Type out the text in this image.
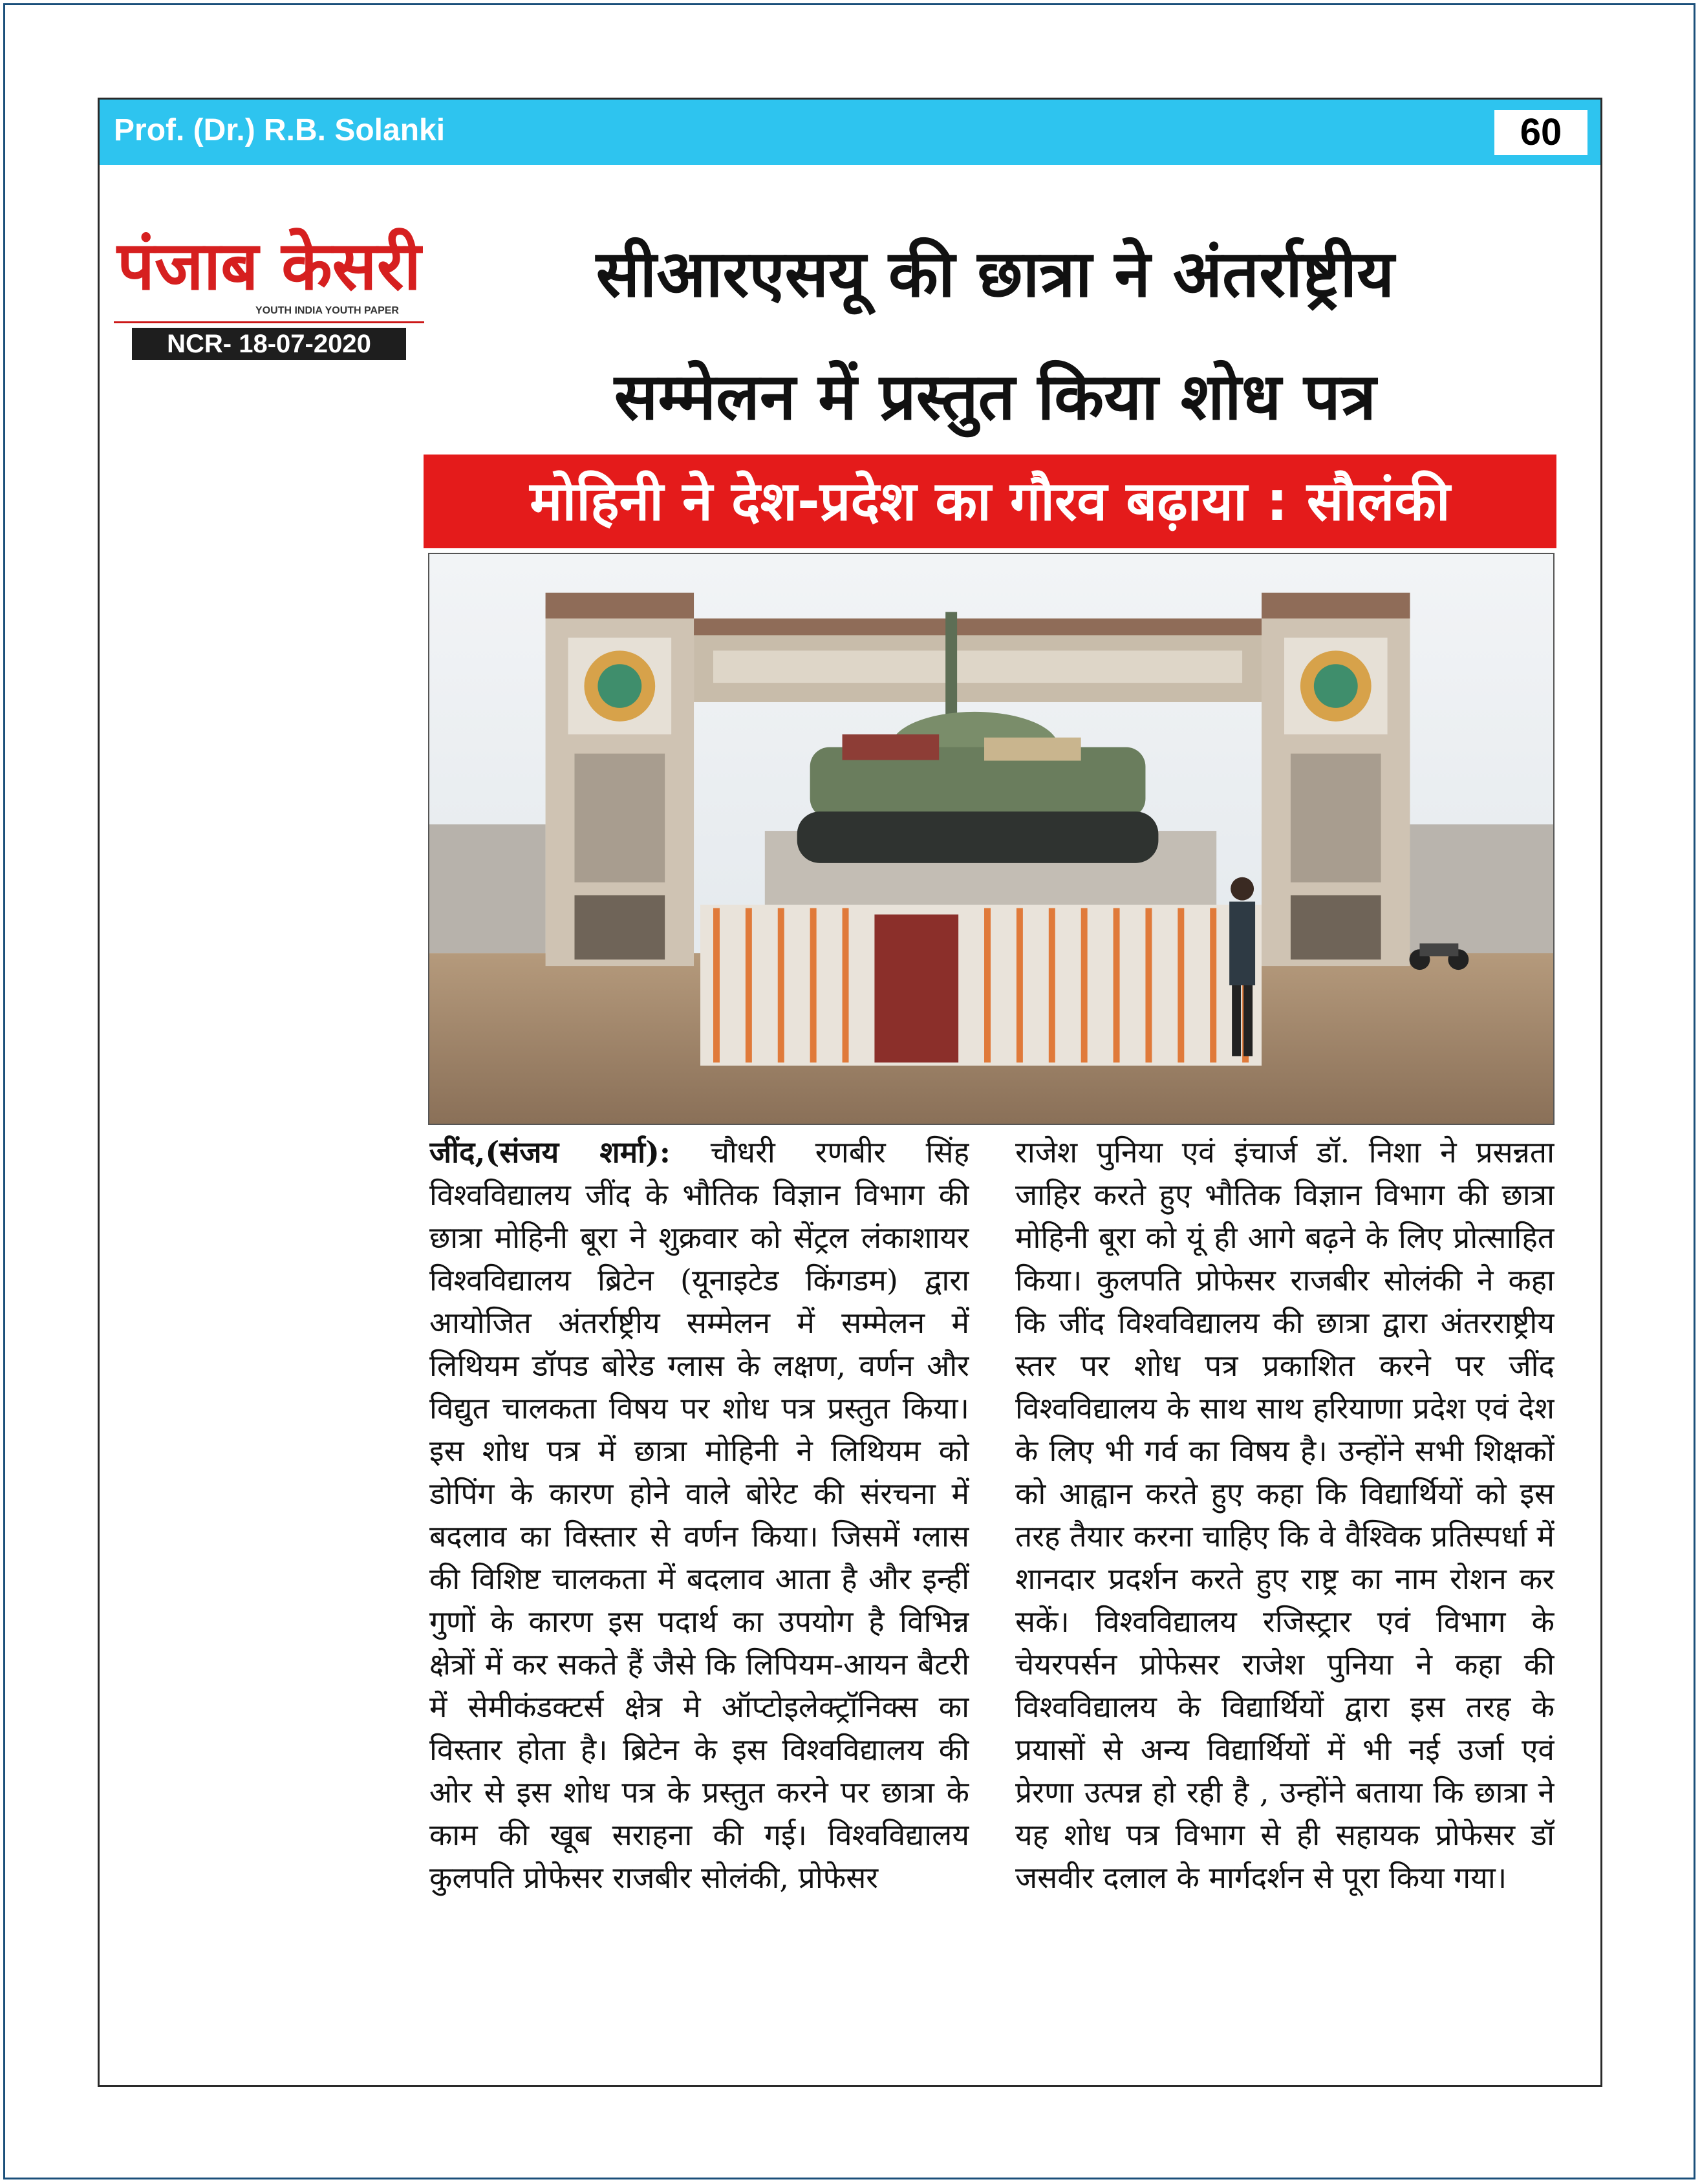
Prof. (Dr.) R.B. Solanki	60
पंजाब केसरी
YOUTH INDIA YOUTH PAPER
NCR- 18-07-2020
सीआरएसयू की छात्रा ने अंतर्राष्ट्रीय
सम्मेलन में प्रस्तुत किया शोध पत्र
मोहिनी ने देश-प्रदेश का गौरव बढ़ाया : सौलंकी
जींद,(संजय शर्मा): चौधरी रणबीर सिंह विश्वविद्यालय जींद के भौतिक विज्ञान विभाग की छात्रा मोहिनी बूरा ने शुक्रवार को सेंट्रल लंकाशायर विश्वविद्यालय ब्रिटेन (यूनाइटेड किंगडम) द्वारा आयोजित अंतर्राष्ट्रीय सम्मेलन में सम्मेलन में लिथियम डॉपड बोरेड ग्लास के लक्षण, वर्णन और विद्युत चालकता विषय पर शोध पत्र प्रस्तुत किया। इस शोध पत्र में छात्रा मोहिनी ने लिथियम को डोपिंग के कारण होने वाले बोरेट की संरचना में बदलाव का विस्तार से वर्णन किया। जिसमें ग्लास की विशिष्ट चालकता में बदलाव आता है और इन्हीं गुणों के कारण इस पदार्थ का उपयोग है विभिन्न क्षेत्रों में कर सकते हैं जैसे कि लिपियम-आयन बैटरी में सेमीकंडक्टर्स क्षेत्र मे ऑप्टोइलेक्ट्रॉनिक्स का विस्तार होता है। ब्रिटेन के इस विश्वविद्यालय की ओर से इस शोध पत्र के प्रस्तुत करने पर छात्रा के काम की खूब सराहना की गई। विश्वविद्यालय कुलपति प्रोफेसर राजबीर सोलंकी, प्रोफेसर
राजेश पुनिया एवं इंचार्ज डॉ. निशा ने प्रसन्नता जाहिर करते हुए भौतिक विज्ञान विभाग की छात्रा मोहिनी बूरा को यूं ही आगे बढ़ने के लिए प्रोत्साहित किया। कुलपति प्रोफेसर राजबीर सोलंकी ने कहा कि जींद विश्वविद्यालय की छात्रा द्वारा अंतरराष्ट्रीय स्तर पर शोध पत्र प्रकाशित करने पर जींद विश्वविद्यालय के साथ साथ हरियाणा प्रदेश एवं देश के लिए भी गर्व का विषय है। उन्होंने सभी शिक्षकों को आह्वान करते हुए कहा कि विद्यार्थियों को इस तरह तैयार करना चाहिए कि वे वैश्विक प्रतिस्पर्धा में शानदार प्रदर्शन करते हुए राष्ट्र का नाम रोशन कर सकें। विश्वविद्यालय रजिस्ट्रार एवं विभाग के चेयरपर्सन प्रोफेसर राजेश पुनिया ने कहा की विश्वविद्यालय के विद्यार्थियों द्वारा इस तरह के प्रयासों से अन्य विद्यार्थियों में भी नई उर्जा एवं प्रेरणा उत्पन्न हो रही है , उन्होंने बताया कि छात्रा ने यह शोध पत्र विभाग से ही सहायक प्रोफेसर डॉ जसवीर दलाल के मार्गदर्शन से पूरा किया गया।
